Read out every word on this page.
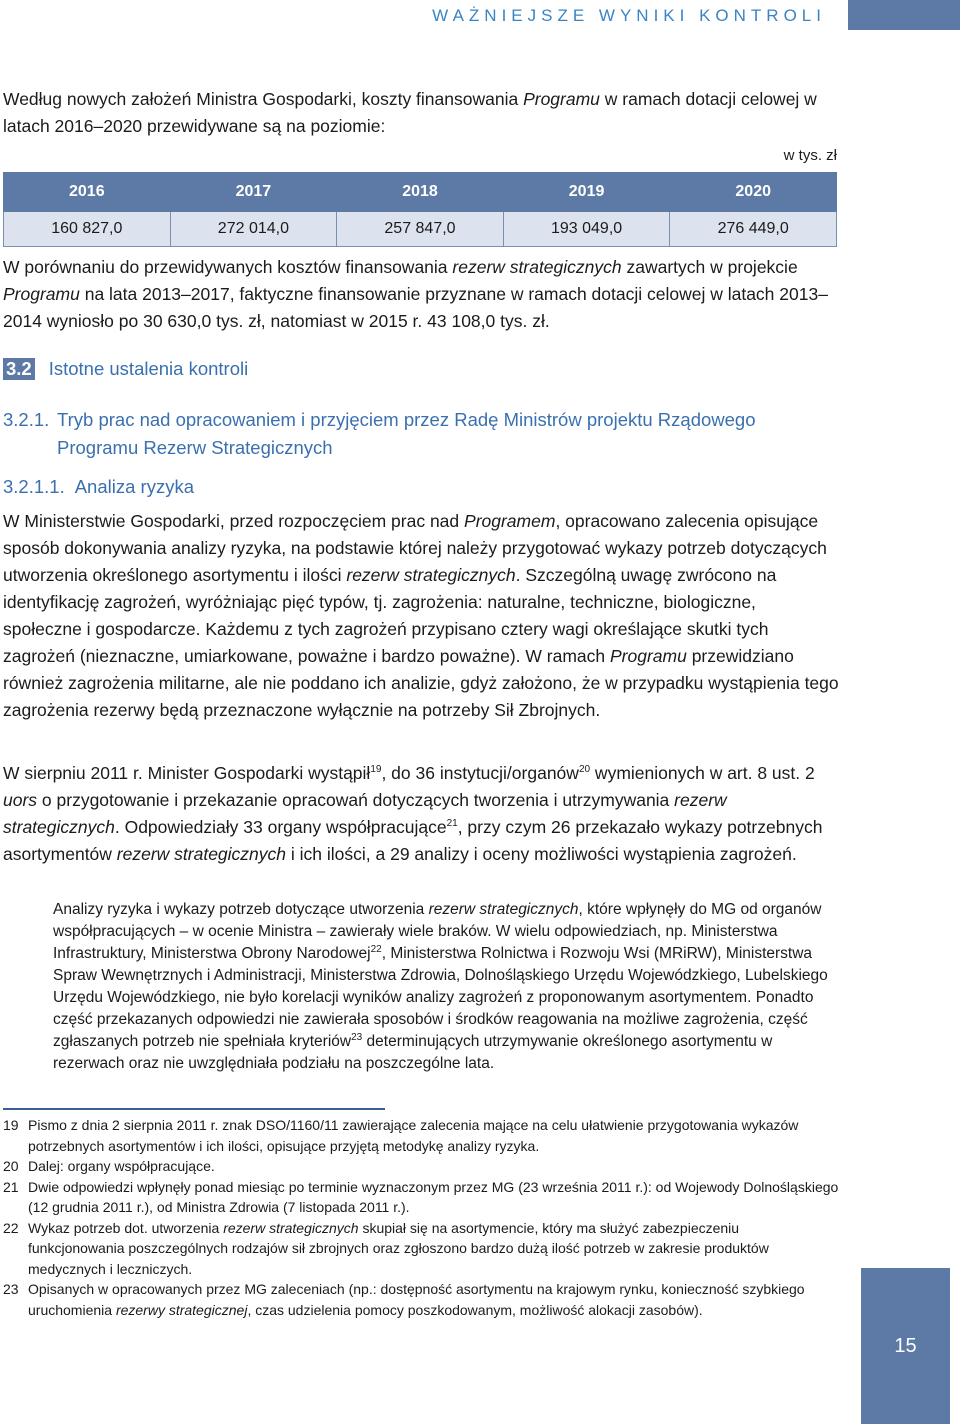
WAŻNIEJSZE WYNIKI KONTROLI

Według nowych założeń Ministra Gospodarki, koszty finansowania Programu w ramach dotacji celowej w latach 2016–2020 przewidywane są na poziomie:

w tys. zł
2016	2017	2018	2019	2020
160 827,0	272 014,0	257 847,0	193 049,0	276 449,0

W porównaniu do przewidywanych kosztów finansowania rezerw strategicznych zawartych w projekcie Programu na lata 2013–2017, faktyczne finansowanie przyznane w ramach dotacji celowej w latach 2013–2014 wyniosło po 30 630,0 tys. zł, natomiast w 2015 r. 43 108,0 tys. zł.

3.2 Istotne ustalenia kontroli
3.2.1. Tryb prac nad opracowaniem i przyjęciem przez Radę Ministrów projektu Rządowego Programu Rezerw Strategicznych
3.2.1.1. Analiza ryzyka

W Ministerstwie Gospodarki, przed rozpoczęciem prac nad Programem, opracowano zalecenia opisujące sposób dokonywania analizy ryzyka, na podstawie której należy przygotować wykazy potrzeb dotyczących utworzenia określonego asortymentu i ilości rezerw strategicznych. Szczególną uwagę zwrócono na identyfikację zagrożeń, wyróżniając pięć typów, tj. zagrożenia: naturalne, techniczne, biologiczne, społeczne i gospodarcze. Każdemu z tych zagrożeń przypisano cztery wagi określające skutki tych zagrożeń (nieznaczne, umiarkowane, poważne i bardzo poważne). W ramach Programu przewidziano również zagrożenia militarne, ale nie poddano ich analizie, gdyż założono, że w przypadku wystąpienia tego zagrożenia rezerwy będą przeznaczone wyłącznie na potrzeby Sił Zbrojnych.

W sierpniu 2011 r. Minister Gospodarki wystąpił$^{19}$, do 36 instytucji/organów$^{20}$ wymienionych w art. 8 ust. 2 uors o przygotowanie i przekazanie opracowań dotyczących tworzenia i utrzymywania rezerw strategicznych. Odpowiedziały 33 organy współpracujące$^{21}$, przy czym 26 przekazało wykazy potrzebnych asortymentów rezerw strategicznych i ich ilości, a 29 analizy i oceny możliwości wystąpienia zagrożeń.

Analizy ryzyka i wykazy potrzeb dotyczące utworzenia rezerw strategicznych, które wpłynęły do MG od organów współpracujących – w ocenie Ministra – zawierały wiele braków. W wielu odpowiedziach, np. Ministerstwa Infrastruktury, Ministerstwa Obrony Narodowej$^{22}$, Ministerstwa Rolnictwa i Rozwoju Wsi (MRiRW), Ministerstwa Spraw Wewnętrznych i Administracji, Ministerstwa Zdrowia, Dolnośląskiego Urzędu Wojewódzkiego, Lubelskiego Urzędu Wojewódzkiego, nie było korelacji wyników analizy zagrożeń z proponowanym asortymentem. Ponadto część przekazanych odpowiedzi nie zawierała sposobów i środków reagowania na możliwe zagrożenia, część zgłaszanych potrzeb nie spełniała kryteriów$^{23}$ determinujących utrzymywanie określonego asortymentu w rezerwach oraz nie uwzględniała podziału na poszczególne lata.

19 Pismo z dnia 2 sierpnia 2011 r. znak DSO/1160/11 zawierające zalecenia mające na celu ułatwienie przygotowania wykazów potrzebnych asortymentów i ich ilości, opisujące przyjętą metodykę analizy ryzyka.
20 Dalej: organy współpracujące.
21 Dwie odpowiedzi wpłynęły ponad miesiąc po terminie wyznaczonym przez MG (23 września 2011 r.): od Wojewody Dolnośląskiego (12 grudnia 2011 r.), od Ministra Zdrowia (7 listopada 2011 r.).
22 Wykaz potrzeb dot. utworzenia rezerw strategicznych skupiał się na asortymencie, który ma służyć zabezpieczeniu funkcjonowania poszczególnych rodzajów sił zbrojnych oraz zgłoszono bardzo dużą ilość potrzeb w zakresie produktów medycznych i leczniczych.
23 Opisanych w opracowanych przez MG zaleceniach (np.: dostępność asortymentu na krajowym rynku, konieczność szybkiego uruchomienia rezerwy strategicznej, czas udzielenia pomocy poszkodowanym, możliwość alokacji zasobów).
15
